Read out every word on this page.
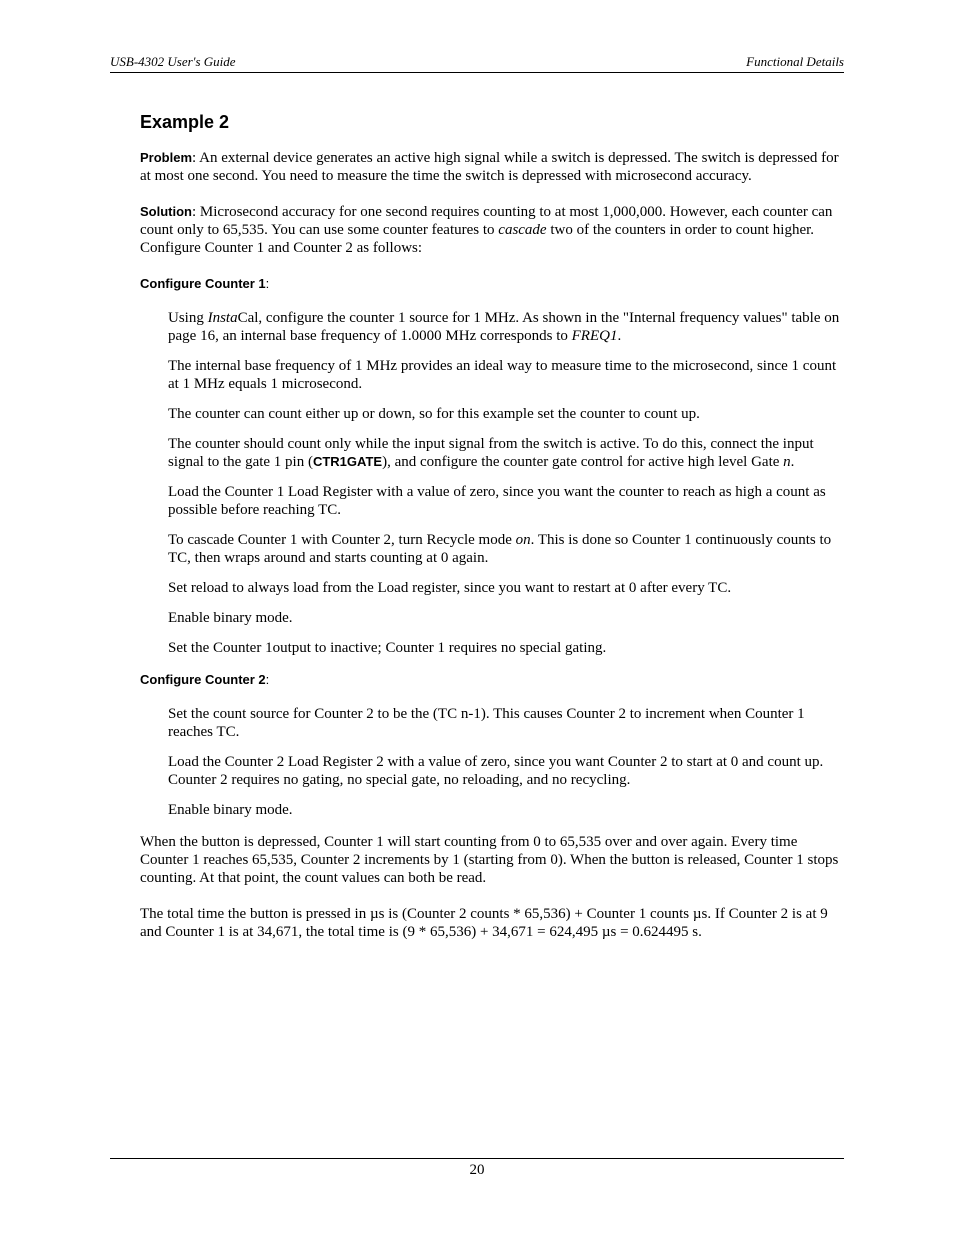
USB-4302 User's Guide	Functional Details
Example 2

Problem: An external device generates an active high signal while a switch is depressed. The switch is depressed for at most one second. You need to measure the time the switch is depressed with microsecond accuracy.

Solution: Microsecond accuracy for one second requires counting to at most 1,000,000. However, each counter can count only to 65,535. You can use some counter features to cascade two of the counters in order to count higher. Configure Counter 1 and Counter 2 as follows:

Configure Counter 1:

Using InstaCal, configure the counter 1 source for 1 MHz. As shown in the "Internal frequency values" table on page 16, an internal base frequency of 1.0000 MHz corresponds to FREQ1.

The internal base frequency of 1 MHz provides an ideal way to measure time to the microsecond, since 1 count at 1 MHz equals 1 microsecond.

The counter can count either up or down, so for this example set the counter to count up.

The counter should count only while the input signal from the switch is active. To do this, connect the input signal to the gate 1 pin (CTR1GATE), and configure the counter gate control for active high level Gate n.

Load the Counter 1 Load Register with a value of zero, since you want the counter to reach as high a count as possible before reaching TC.

To cascade Counter 1 with Counter 2, turn Recycle mode on. This is done so Counter 1 continuously counts to TC, then wraps around and starts counting at 0 again.

Set reload to always load from the Load register, since you want to restart at 0 after every TC.

Enable binary mode.

Set the Counter 1output to inactive; Counter 1 requires no special gating.

Configure Counter 2:

Set the count source for Counter 2 to be the (TC n-1). This causes Counter 2 to increment when Counter 1 reaches TC.

Load the Counter 2 Load Register 2 with a value of zero, since you want Counter 2 to start at 0 and count up. Counter 2 requires no gating, no special gate, no reloading, and no recycling.

Enable binary mode.

When the button is depressed, Counter 1 will start counting from 0 to 65,535 over and over again. Every time Counter 1 reaches 65,535, Counter 2 increments by 1 (starting from 0). When the button is released, Counter 1 stops counting. At that point, the count values can both be read.

The total time the button is pressed in µs is (Counter 2 counts * 65,536) + Counter 1 counts µs. If Counter 2 is at 9 and Counter 1 is at 34,671, the total time is (9 * 65,536) + 34,671 = 624,495 µs = 0.624495 s.

20
